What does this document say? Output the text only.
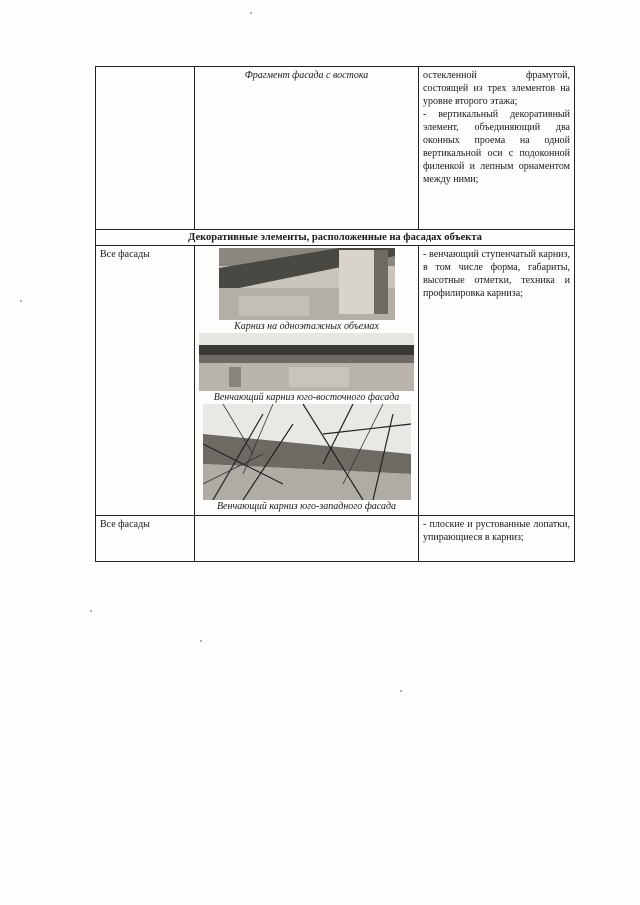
	Фрагмент фасада с востока	остекленной фрамугой, состоящей из трех элементов на уровне второго этажа;

- вертикальный декоративный элемент, объединяющий два оконных проема на одной вертикальной оси с подоконной филенкой и лепным орнаментом между ними;

Декоративные элементы, расположенные на фасадах объекта		
Все фасады	Карниз на одноэтажных объемах
Венчающий карниз юго-восточного фасада
Венчающий карниз юго-западного фасада	- венчающий ступенчатый карниз, в том числе форма, габариты, высотные отметки, техника и профилировка карниза;

Все фасады		- плоские и рустованные лопатки, упирающиеся в карниз;
